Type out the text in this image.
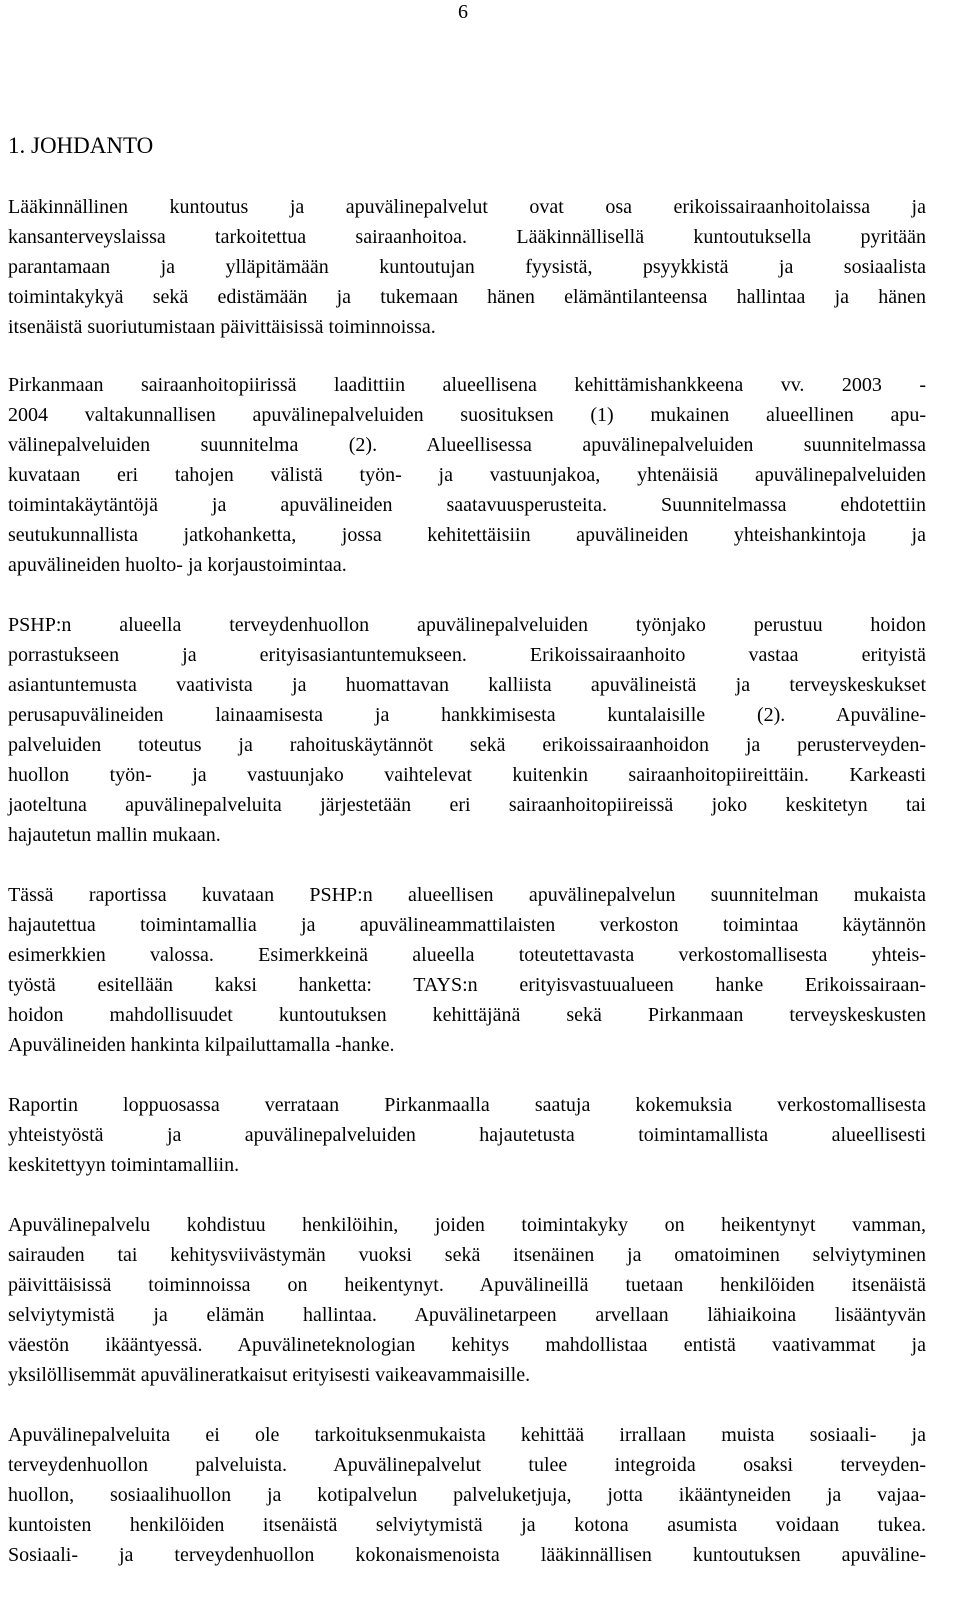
6
1. JOHDANTO
Lääkinnällinen kuntoutus ja apuvälinepalvelut ovat osa erikoissairaanhoitolaissa ja
kansanterveyslaissa tarkoitettua sairaanhoitoa. Lääkinnällisellä kuntoutuksella pyritään
parantamaan ja ylläpitämään kuntoutujan fyysistä, psyykkistä ja sosiaalista
toimintakykyä sekä edistämään ja tukemaan hänen elämäntilanteensa hallintaa ja hänen
itsenäistä suoriutumistaan päivittäisissä toiminnoissa.
Pirkanmaan sairaanhoitopiirissä laadittiin alueellisena kehittämishankkeena vv. 2003 -
2004 valtakunnallisen apuvälinepalveluiden suosituksen (1) mukainen alueellinen apu-
välinepalveluiden suunnitelma (2). Alueellisessa apuvälinepalveluiden suunnitelmassa
kuvataan eri tahojen välistä työn- ja vastuunjakoa, yhtenäisiä apuvälinepalveluiden
toimintakäytäntöjä ja apuvälineiden saatavuusperusteita. Suunnitelmassa ehdotettiin
seutukunnallista jatkohanketta, jossa kehitettäisiin apuvälineiden yhteishankintoja ja
apuvälineiden huolto- ja korjaustoimintaa.
PSHP:n alueella terveydenhuollon apuvälinepalveluiden työnjako perustuu hoidon
porrastukseen ja erityisasiantuntemukseen. Erikoissairaanhoito vastaa erityistä
asiantuntemusta vaativista ja huomattavan kalliista apuvälineistä ja terveyskeskukset
perusapuvälineiden lainaamisesta ja hankkimisesta kuntalaisille (2). Apuväline-
palveluiden toteutus ja rahoituskäytännöt sekä erikoissairaanhoidon ja perusterveyden-
huollon työn- ja vastuunjako vaihtelevat kuitenkin sairaanhoitopiireittäin. Karkeasti
jaoteltuna apuvälinepalveluita järjestetään eri sairaanhoitopiireissä joko keskitetyn tai
hajautetun mallin mukaan.
Tässä raportissa kuvataan PSHP:n alueellisen apuvälinepalvelun suunnitelman mukaista
hajautettua toimintamallia ja apuvälineammattilaisten verkoston toimintaa käytännön
esimerkkien valossa. Esimerkkeinä alueella toteutettavasta verkostomallisesta yhteis-
työstä esitellään kaksi hanketta: TAYS:n erityisvastuualueen hanke Erikoissairaan-
hoidon mahdollisuudet kuntoutuksen kehittäjänä sekä Pirkanmaan terveyskeskusten
Apuvälineiden hankinta kilpailuttamalla -hanke.
Raportin loppuosassa verrataan Pirkanmaalla saatuja kokemuksia verkostomallisesta
yhteistyöstä ja apuvälinepalveluiden hajautetusta toimintamallista alueellisesti
keskitettyyn toimintamalliin.
Apuvälinepalvelu kohdistuu henkilöihin, joiden toimintakyky on heikentynyt vamman,
sairauden tai kehitysviivästymän vuoksi sekä itsenäinen ja omatoiminen selviytyminen
päivittäisissä toiminnoissa on heikentynyt. Apuvälineillä tuetaan henkilöiden itsenäistä
selviytymistä ja elämän hallintaa. Apuvälinetarpeen arvellaan lähiaikoina lisääntyvän
väestön ikääntyessä. Apuvälineteknologian kehitys mahdollistaa entistä vaativammat ja
yksilöllisemmät apuvälineratkaisut erityisesti vaikeavammaisille.
Apuvälinepalveluita ei ole tarkoituksenmukaista kehittää irrallaan muista sosiaali- ja
terveydenhuollon palveluista. Apuvälinepalvelut tulee integroida osaksi terveyden-
huollon, sosiaalihuollon ja kotipalvelun palveluketjuja, jotta ikääntyneiden ja vajaa-
kuntoisten henkilöiden itsenäistä selviytymistä ja kotona asumista voidaan tukea.
Sosiaali- ja terveydenhuollon kokonaismenoista lääkinnällisen kuntoutuksen apuväline-
